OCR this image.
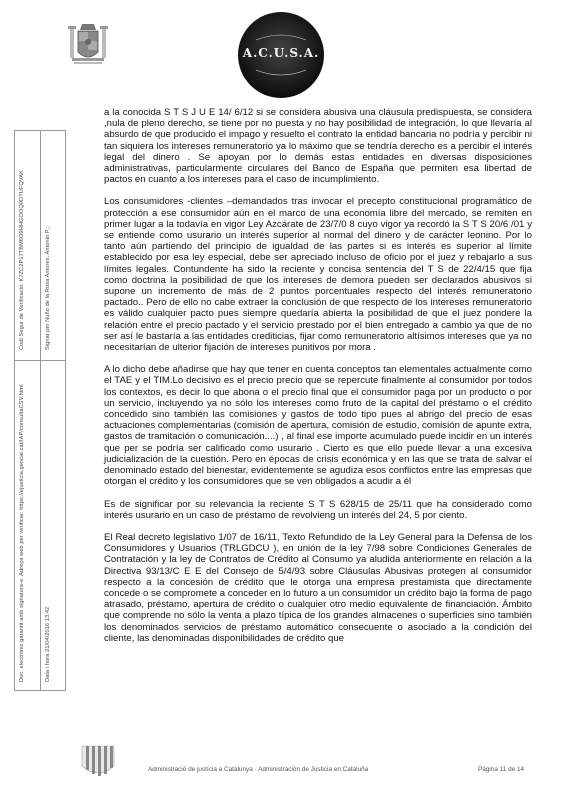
A.C.U.S.A.
Doc. electrònic garantit amb signatura-e. Adreça web per verificar: https://ejusticia.gencat.cat/IAP/consultaCSV.html
Codi Segur de Verificació: K7ZC2P17TBM6O9HHGOOQ0DTUFQVAK
Data i hora 21/04/2016 13:42
Signat per Nuño de la Rosa Amores, Antonio P.;

a la conocida S T S J U E 14/ 6/12 si se considera abusiva una cláusula predispuesta, se considera ,nula de pleno derecho, se tiene por no puesta y no hay posibilidad de integración, lo que llevaría al absurdo de que producido el impago y resuelto el contrato la entidad bancaria no podría y percibir ni tan siquiera los intereses remuneratorio ya lo máximo que se tendría derecho es a percibir el interés legal del dinero . Se apoyan por lo demás estas entidades en diversas disposiciones administrativas, particularmente circulares del Banco de España que permiten esa libertad de pactos en cuanto a los intereses para el caso de incumplimiento.

Los consumidores -clientes –demandados tras invocar el precepto constitucional programático de protección a ese consumidor aún en el marco de una economía libre del mercado, se remiten en primer lugar a la todavía en vigor Ley Azcárate de 23/7/0 8 cuyo vigor ya recordó la S T S 20/6 /01 y se entiende como usurario un interés superior al normal del dinero y de carácter leonino. Por lo tanto aún partiendo del principio de igualdad de las partes si es interés es superior al límite establecido por esa ley especial, debe ser apreciado incluso de oficio por el juez y rebajarlo a sus límites legales. Contundente ha sido la reciente y concisa sentencia del T S de 22/4/15 que fija como doctrina la posibilidad de que los intereses de demora pueden ser declarados abusivos si supone un incremento de más de 2 puntos porcentuales respecto del interés remuneratorio pactado.. Pero de ello no cabe extraer la conclusión de que respecto de los intereses remuneratorio es válido cualquier pacto pues siempre quedaría abierta la posibilidad de que el juez pondere la relación entre el precio pactado y el servicio prestado por el bien entregado a cambio ya que de no ser así le bastaría a las entidades crediticias, fijar como remuneratorio altísimos intereses que ya no necesitarían de ulterior fijación de intereses punitivos por mora .

A lo dicho debe añadirse que hay que tener en cuenta conceptos tan elementales actualmente como el TAE y el TIM.Lo decisivo es el precio precio que se repercute finalmente al consumidor por todos los contextos, es decir lo que abona o el precio final que el consumidor paga por un producto o por un servicio, incluyendo ya no sólo los intereses como fruto de la capital del préstamo o el crédito concedido sino también las comisiones y gastos de todo tipo pues al abrigo del precio de esas actuaciones complementarias (comisión de apertura, comisión de estudio, comisión de apunte extra, gastos de tramitación o comunicación....) , al final ese importe acumulado puede incidir en un interés que per se podría ser calificado como usurario . Cierto es que ello puede llevar a una excesiva judicialización de la cuestión. Pero en épocas de crisis económica y en las que se trata de salvar el denominado estado del bienestar, evidentemente se agudiza esos conflictos entre las empresas que otorgan el crédito y los consumidores que se ven obligados a acudir a él

Es de significar por su relevancia la reciente S T S 628/15 de 25/11 que ha considerado como interés usurario en un caso de préstamo de revolvieng un interés del 24, 5 por ciento.

El Real decreto legislativo 1/07 de 16/11, Texto Refundido de la Ley General para la Defensa de los Consumidores y Usuarios (TRLGDCU ), en unión de la ley 7/98 sobre Condiciones Generales de Contratación y la ley de Contratos de Crédito al Consumo ya aludida anteriormente en relación a la Directiva 93/13/C E E del Consejo de 5/4/93 sobre Cláusulas Abusivas protegen al consumidor respecto a la concesión de crédito que le otorga una empresa prestamista que directamente concede o se compromete a conceder en lo futuro a un consumidor un crédito bajo la forma de pago atrasado, préstamo, apertura de crédito o cualquier otro medio equivalente de financiación. Ámbito que comprende no sólo la venta a plazo típica de los grandes almacenes o superficies sino también los denominados servicios de préstamo automático consecuente o asociado a la condición del cliente, las denominadas disponibilidades de crédito que

Administració de justícia a Catalunya · Administración de Justicia en Cataluña	Pàgina 11 de 14
